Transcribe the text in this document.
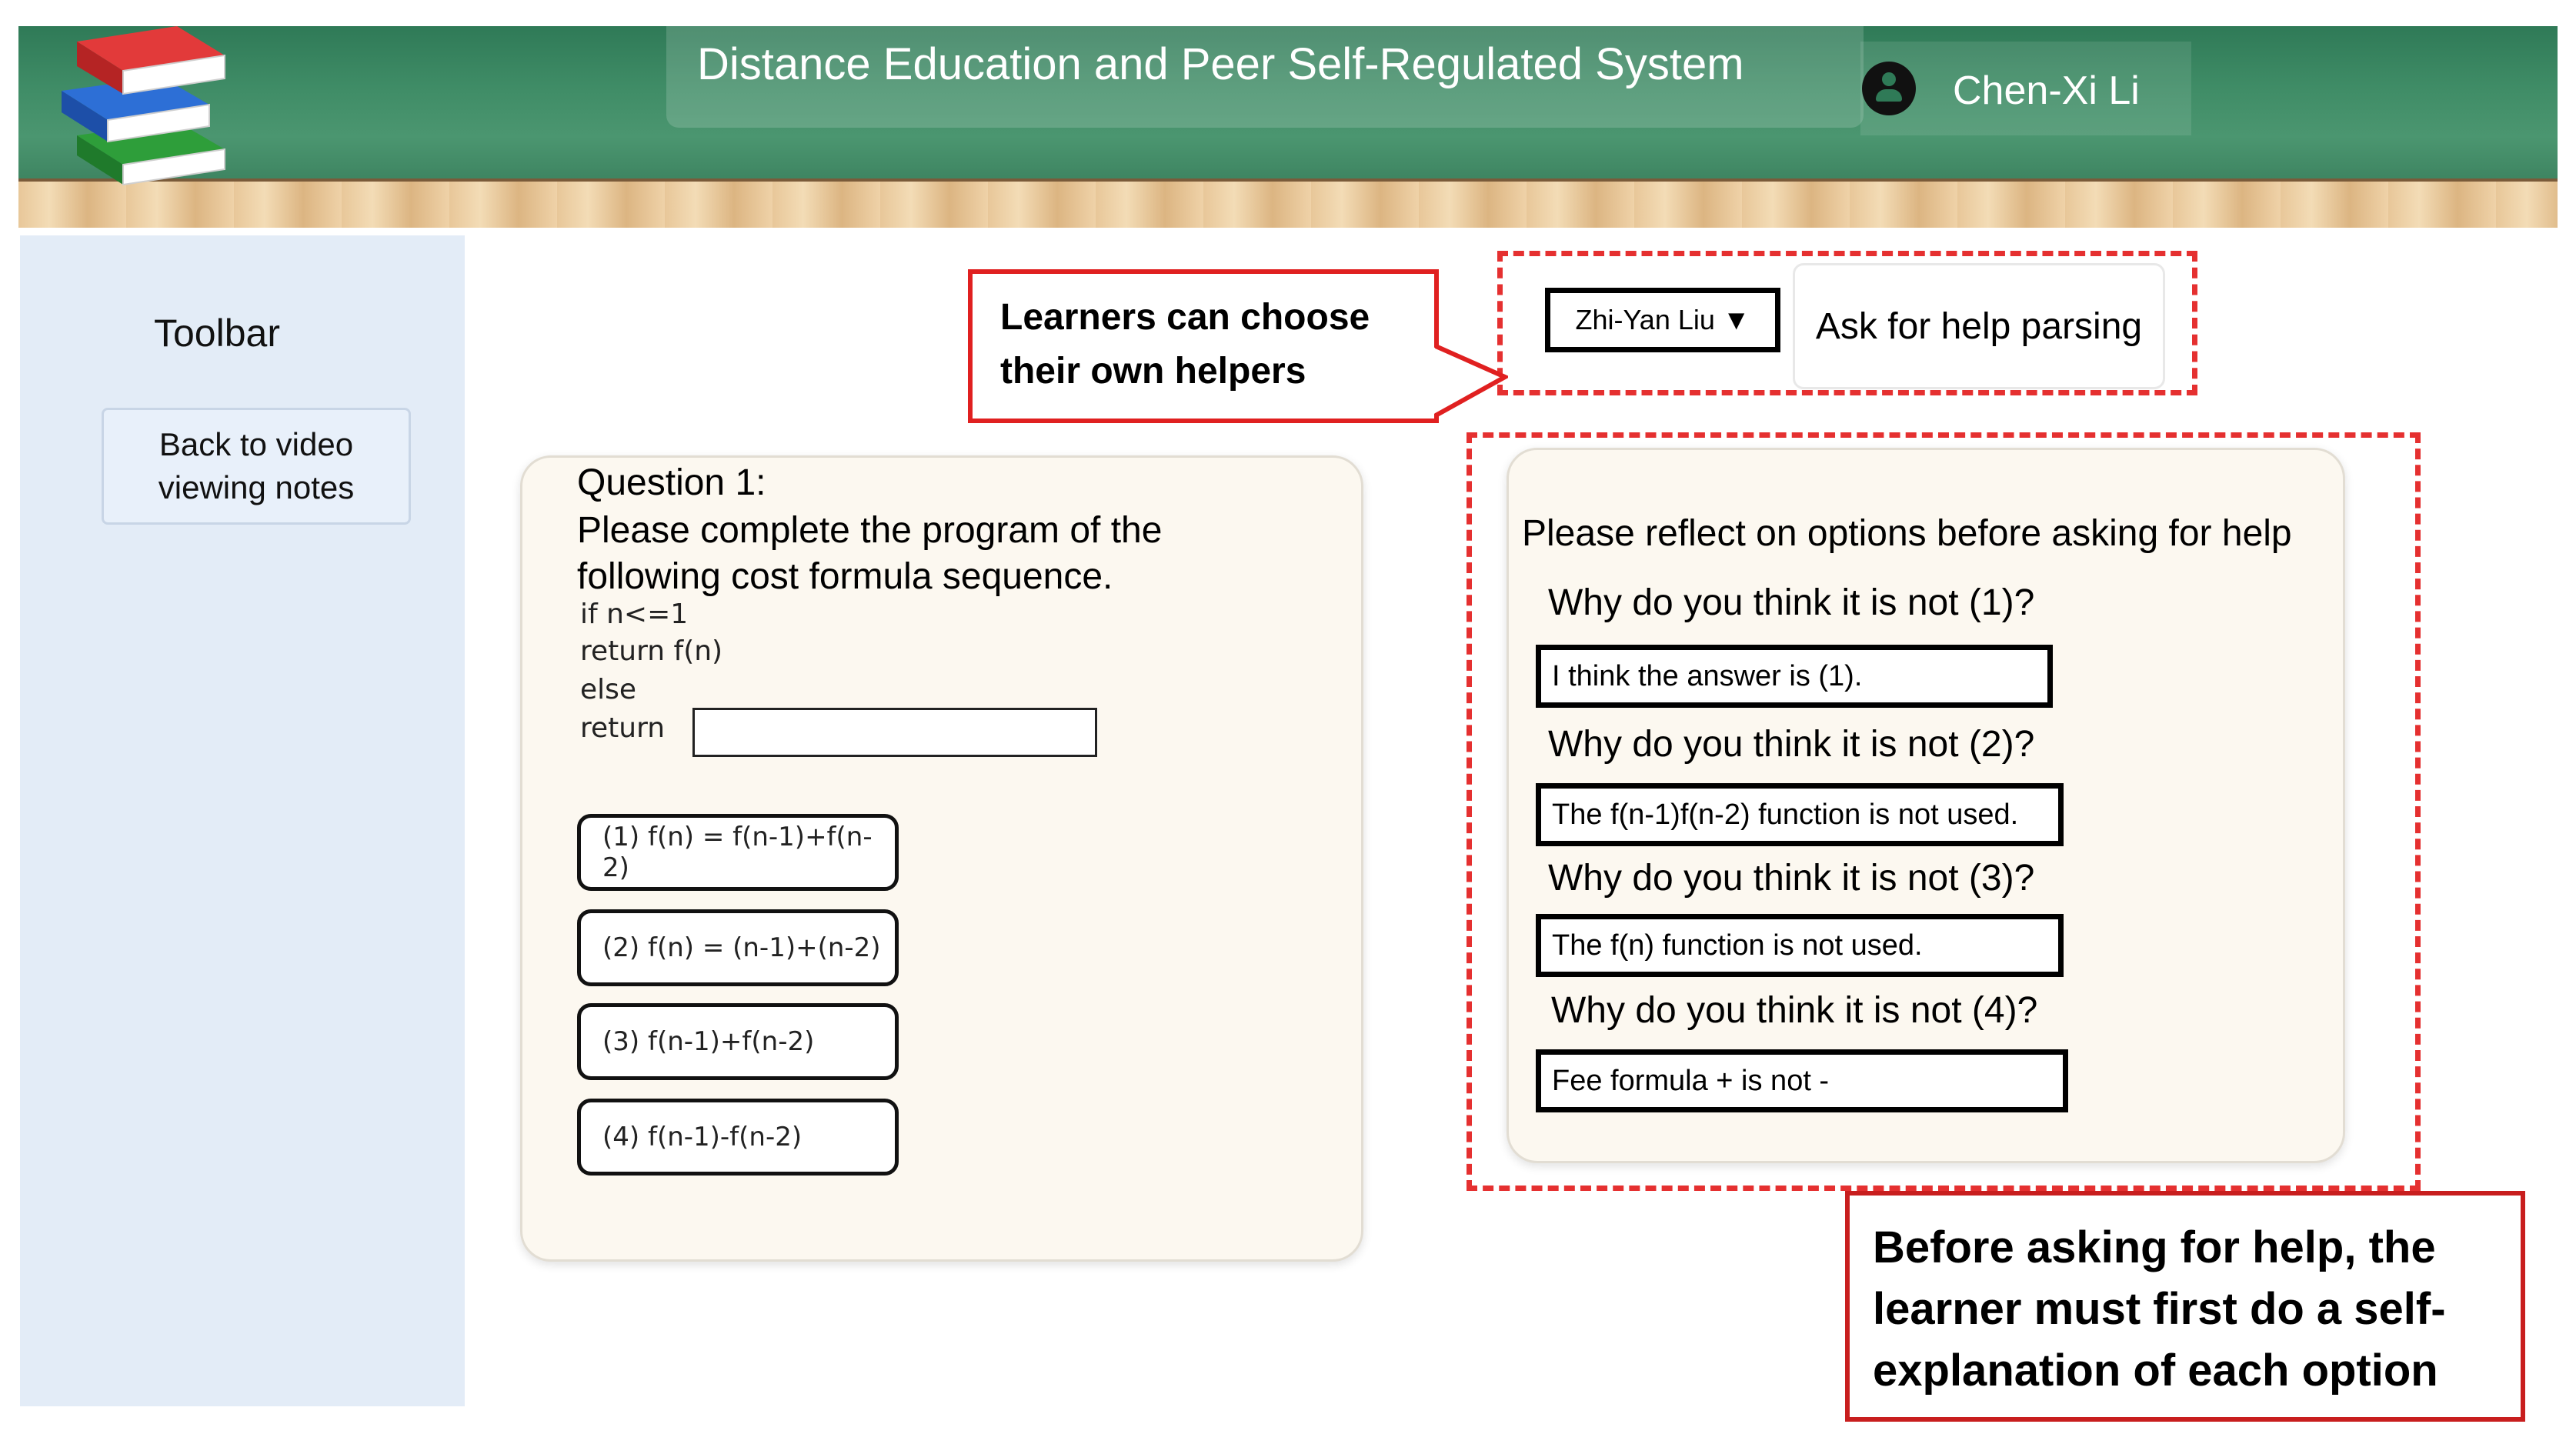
Distance Education and Peer Self-Regulated System
Chen-Xi Li
Toolbar
Back to video viewing notes	Question 1:
Please complete the program of the
following cost formula sequence.
if n<=1
return f(n)
else
return
(1) f(n) = f(n-1)+f(n-2)
(2) f(n) = (n-1)+(n-2)
(3) f(n-1)+f(n-2)
(4) f(n-1)-f(n-2)
Zhi-Yan Liu ▼	Ask for help parsing
Learners can choose
their own helpers
Please reflect on options before asking for help
Why do you think it is not (1)?
I think the answer is (1).
Why do you think it is not (2)?
The f(n-1)f(n-2) function is not used.
Why do you think it is not (3)?
The f(n) function is not used.
Why do you think it is not (4)?
Fee formula + is not -
Before asking for help, the
learner must first do a self-
explanation of each option
